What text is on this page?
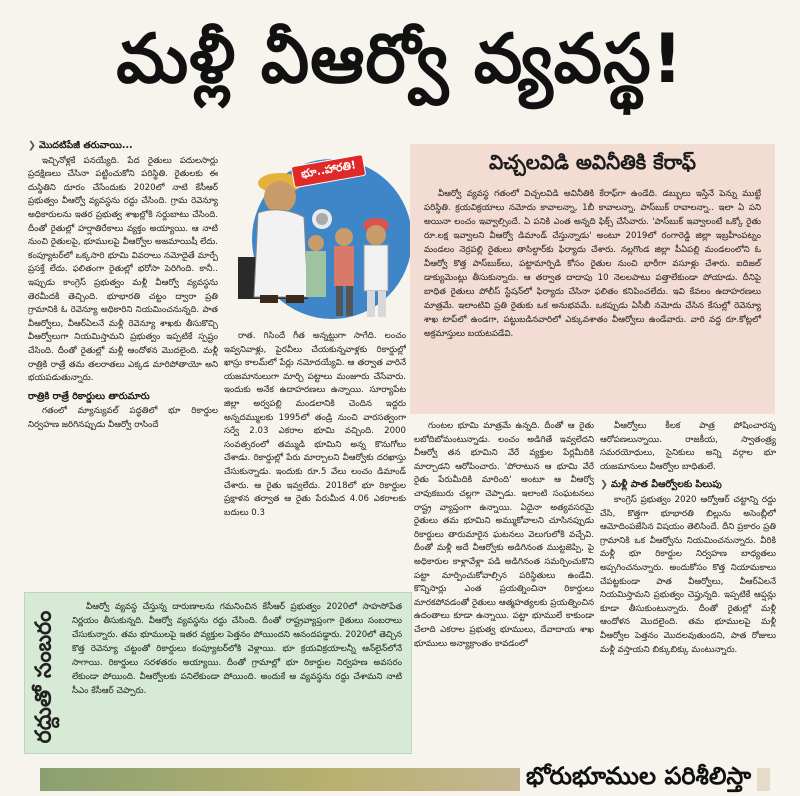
మళ్లీ వీఆర్వో వ్యవస్థ!
❯ మొదటిపేజీ తరువాయి...

ఇచ్చినోళ్లకే పనయ్యేది. పేద రైతులు పదులసార్లు ప్రదక్షిణలు చేసినా పట్టించుకోని పరిస్థితి. రైతులకు ఈ దుస్థితిని దూరం చేసేందుకు 2020లో నాటి కేసీఆర్ ప్రభుత్వం వీఆర్వో వ్యవస్థను రద్దు చేసింది. గ్రామ రెవెన్యూ అధికారులను ఇతర ప్రభుత్వ శాఖల్లోకి సర్దుబాటు చేసింది. దీంతో రైతుల్లో హర్షాతిరేకాలు వ్యక్తం అయ్యాయి. ఆ నాటి నుంచి రైతులపై, భూములపై వీఆర్వోల అజమాయిషీ లేదు. కంప్యూటర్‌లో ఒక్కసారి భూమి వివరాలు నమోదైతే మార్పే ప్రసక్తే లేదు. ఫలితంగా రైతుల్లో భరోసా పెరిగింది. కానీ.. ఇప్పుడు కాంగ్రెస్ ప్రభుత్వం మళ్లీ వీఆర్వో వ్యవస్థను తెరమీదకి తెచ్చింది. భూభారతి చట్టం ద్వారా ప్రతి గ్రామానికి ఓ రెవెన్యూ అధికారిని నియమించనున్నది. పాత వీఆర్వోలు, వీఆర్‌ఏలనే మళ్లీ రెవెన్యూ శాఖకు తీసుకొచ్చి వీఆర్వోలుగా నియమిస్తామని ప్రభుత్వం ఇప్పటికే స్పష్టం చేసింది. దీంతో రైతుల్లో మళ్లీ ఆందోళన మొదలైంది. మళ్లీ రాత్రికి రాత్రే తమ తలరాతలు ఎక్కడ మారిపోతాయో అని భయపడుతున్నారు.

రాత్రికి రాత్రే రికార్డులు తారుమారు

గతంలో మ్యాన్యువల్ పద్ధతిలో భూ రికార్డుల నిర్వహణ జరిగినప్పుడు వీఆర్వో రాసిందే

భూ..హారతి!

రాత. గిసిందే గీత అన్నట్టుగా సాగేది. లంచం ఇవ్వనివాళ్లు, పైరవీలు చేయకున్నవాళ్లకు రికార్డుల్లో ఖాస్రు కాలమ్‌లో పేర్లు నమోదయ్యేవి. ఆ తర్వాత వారినే యజమానులుగా మార్చి పట్టాలు మంజూరు చేసేవారు. ఇందుకు అనేక ఉదాహరణలు ఉన్నాయి. సూర్యాపేట జిల్లా అర్వపల్లి మండలానికి చెందిన ఇద్దరు అన్నదమ్ములకు 1995లో తండ్రి నుంచి వారసత్వంగా సర్వే 2.03 ఎకరాల భూమి వచ్చింది. 2000 సంవత్సరంలో తమ్ముడి భూమిని అన్న కొనుగోలు చేశాడు. రికార్డుల్లో పేరు మార్చాలని వీఆర్వోకు దరఖాస్తు చేసుకున్నాడు. ఇందుకు రూ.5 వేలు లంచం డిమాండ్ చేశారు. ఆ రైతు ఇవ్వలేదు. 2018లో భూ రికార్డుల ప్రక్షాళన తర్వాత ఆ రైతు పేరుమీద 4.06 ఎకరాలకు బదులు 0.3

విచ్చలవిడి అవినీతికి కేరాఫ్

వీఆర్వో వ్యవస్థ గతంలో విచ్చలవిడి అవినీతికి కేరాఫ్‌గా ఉండేది. డబ్బులు ఇస్తేనే పెన్ను ముట్టే పరిస్థితి. క్రయవిక్రయాలు నమోదు కావాలన్నా, 1బీ కావాలన్నా, పాస్‌బుక్ రావాలన్నా.. ఇలా ఏ పని అయినా లంచం ఇవ్వాల్సిందే. ఏ పనికి ఎంత అన్నది ఫిక్స్ చేసేవారు. 'పాస్‌బుక్ ఇవ్వాలంటే ఒక్కో రైతు రూ.లక్ష ఇవ్వాలని వీఆర్వో డిమాండ్ చేస్తున్నాడు' అంటూ 2019లో రంగారెడ్డి జిల్లా ఇబ్రహీంపట్నం మండలం నెర్రపల్లి రైతులు తాసిల్దార్‌కు ఫిర్యాదు చేశారు. నల్లగొండ జిల్లా పీఏపల్లి మండలంలోని ఓ వీఆర్వో కొత్త పాస్‌బుక్‌లు, పట్టామార్పిడి కోసం రైతుల నుంచి భారీగా వసూళ్లు చేశారు. ఐదిజల్ డాక్యుమెంట్లు తీసుకున్నారు. ఆ తర్వాత దాదాపు 10 నెలలపాటు పత్తాలేకుండా పోయాడు. దీనిపై బాధిత రైతులు పోలీస్ స్టేషన్‌లో ఫిర్యాదు చేసినా ఫలితం కనిపించలేదు. ఇవి కేవలం ఉదాహరణలు మాత్రమే. ఇలాంటివి ప్రతి రైతుకు ఒక అనుభవమే. ఒకప్పుడు ఏసీబీ నమోదు చేసిన కేసుల్లో రెవెన్యూ శాఖ టాప్‌లో ఉండగా, పట్టుబడినవారిలో ఎక్కువశాతం వీఆర్వోలు ఉండేవారు. వారి వద్ద రూ.కోట్లలో అక్రమాస్తులు బయటపడేవి.

గుంటల భూమి మాత్రమే ఉన్నది. దీంతో ఆ రైతు లబోదిబోమంటున్నాడు. లంచం అడిగితే ఇవ్వలేదని వీఆర్వో తన భూమిని వేరే వ్యక్తుల పేర్లమీదికి మార్చాడని ఆరోపించారు. 'పోరాటున ఆ భూమి వేరే రైతు పేరుమీదికి మారింది' అంటూ ఆ వీఆర్వో చావుకబురు చల్లగా చెప్పాడు. ఇలాంటి సంఘటనలు రాష్ట్ర వ్యాప్తంగా ఉన్నాయి. ఏదైనా అత్యవసరమై రైతులు తమ భూమిని అమ్ముకోవాలని చూసినప్పుడు రికార్డులు తారుమారైన ఘటనలు వెలుగులోకి వచ్చేవి. దీంతో మళ్లీ అదే వీఆర్వోకు అడిగినంత ముట్టజెప్పి, పై అధికారుల కాళ్లావేళ్లా పడి అడిగినంత సమర్పించుకొని పట్టా మార్పించుకోవాల్సిన పరిస్థితులు ఉండేవి. కొన్నిసార్లు ఎంత ప్రయత్నించినా రికార్డులు మారకపోవడంతో రైతులు ఆత్మహత్యలకు ప్రయత్నించిన ఉదంతాలు కూడా ఉన్నాయి. పట్టా భూములే కాకుండా చేలాది ఎకరాల ప్రభుత్వ భూములు, దేవాదాయ శాఖ భూములు అన్యాక్రాంతం కావడంలో

వీఆర్వోలు కీలక పాత్ర పోషించారన్న ఆరోపణలున్నాయి. రాజకీయ, స్వాతంత్ర్య సమరయోధులు, సైనికులు అన్ని వర్గాల భూ యజమానులు వీఆర్వోల బాధితులే.

❯ మళ్లీ పాత వీఆర్వోలకు పిలుపు

కాంగ్రెస్ ప్రభుత్వం 2020 ఆర్వోఆర్ చట్టాన్ని రద్దు చేసి, కొత్తగా భూభారతి బిల్లును అసెంబ్లీలో ఆమోదింపజేసిన విషయం తెలిసిందే. దీని ప్రకారం ప్రతి గ్రామానికి ఒక వీఆర్వోను నియమించనున్నారు. వీరికి మళ్లీ భూ రికార్డుల నిర్వహణ బాధ్యతలు అప్పగించనున్నారు. అందుకోసం కొత్త నియామకాలు చేపట్టకుండా పాత వీఆర్వోలు, వీఆర్‌ఏలనే నియమిస్తామని ప్రభుత్వం చెప్తున్నది. ఇప్పటికే ఆప్షన్లు కూడా తీసుకుంటున్నారు. దీంతో రైతుల్లో మళ్లీ ఆందోళన మొదలైంది. తమ భూములపై మళ్లీ వీఆర్వోల పెత్తనం మొదలవుతుందని, పాత రోజులు మళ్లీ వస్తాయని బిక్కుబిక్కు మంటున్నారు.

రద్దుతో సంబరం

వీఆర్వో వ్యవస్థ చేస్తున్న దారుణాలను గమనించిన కేసీఆర్ ప్రభుత్వం 2020లో సాహసోపేత నిర్ణయం తీసుకున్నది. వీఆర్వో వ్యవస్థను రద్దు చేసింది. దీంతో రాష్ట్రవ్యాప్తంగా రైతులు సంబరాలు చేసుకున్నారు. తమ భూములపై ఇతర వ్యక్తుల పెత్తనం పోయిందని ఆనందపడ్డారు. 2020లో తెచ్చిన కొత్త రెవెన్యూ చట్టంతో రికార్డులు కంప్యూటర్‌లోకి వెళ్లాయి. భూ క్రయవిక్రయాలన్నీ ఆన్‌లైన్‌లోనే సాగాయి. రికార్డులు సరళతరం అయ్యాయి. దీంతో గ్రామాల్లో భూ రికార్డుల నిర్వహణ అవసరం లేకుండా పోయింది. వీఆర్వోలకు పనిలేకుండా పోయింది. అందుకే ఆ వ్యవస్థను రద్దు చేశామని నాటి సీఎం కేసీఆర్ చెప్పారు.

భోరుభూముల పరిశీలిస్తా
